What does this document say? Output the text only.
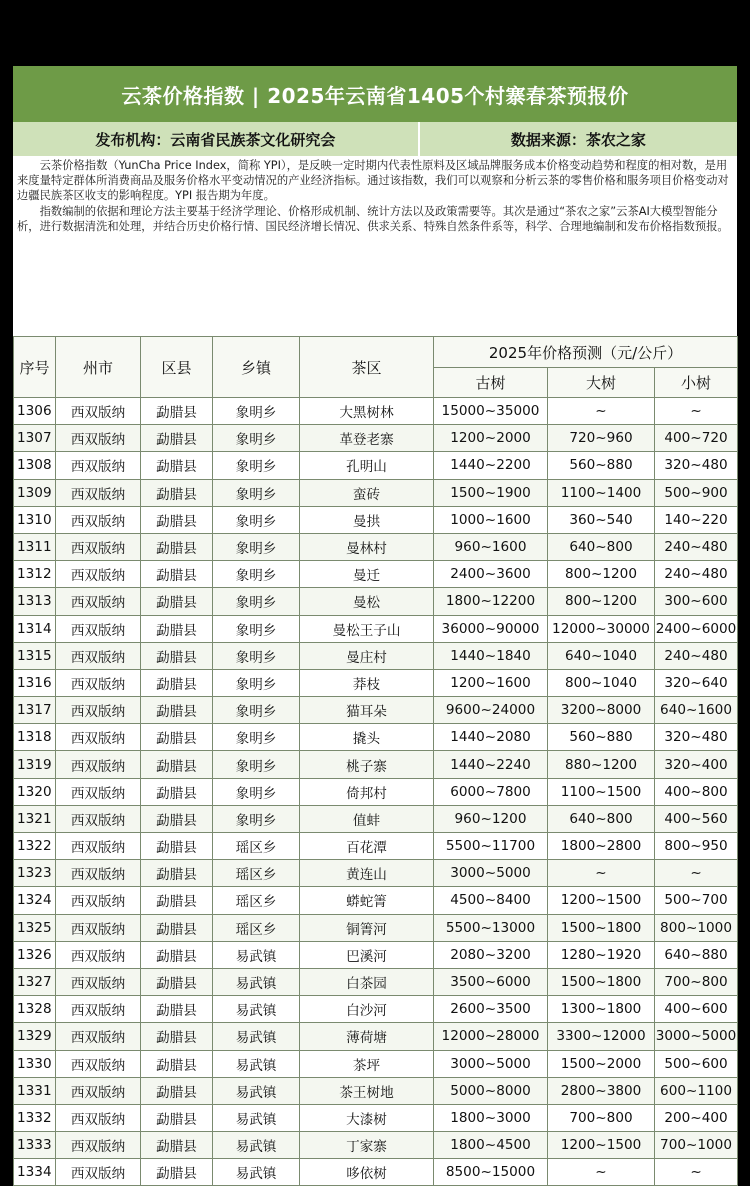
云茶价格指数 | 2025年云南省1405个村寨春茶预报价
发布机构：云南省民族茶文化研究会	数据来源：茶农之家

云茶价格指数（YunCha Price Index，简称 YPI），是反映一定时期内代表性原料及区域品牌服务成本价格变动趋势和程度的相对数，是用来度量特定群体所消费商品及服务价格水平变动情况的产业经济指标。通过该指数，我们可以观察和分析云茶的零售价格和服务项目价格变动对边疆民族茶区收支的影响程度。YPI 报告期为年度。

指数编制的依据和理论方法主要基于经济学理论、价格形成机制、统计方法以及政策需要等。其次是通过“茶农之家”云茶AI大模型智能分析，进行数据清洗和处理，并结合历史价格行情、国民经济增长情况、供求关系、特殊自然条件系等，科学、合理地编制和发布价格指数预报。

序号	州市	区县	乡镇	茶区	2025年价格预测（元/公斤）		
					古树	大树	小树
1306	西双版纳	勐腊县	象明乡	大黑树林	15000~35000	~	~
1307	西双版纳	勐腊县	象明乡	革登老寨	1200~2000	720~960	400~720
1308	西双版纳	勐腊县	象明乡	孔明山	1440~2200	560~880	320~480
1309	西双版纳	勐腊县	象明乡	蛮砖	1500~1900	1100~1400	500~900
1310	西双版纳	勐腊县	象明乡	曼拱	1000~1600	360~540	140~220
1311	西双版纳	勐腊县	象明乡	曼林村	960~1600	640~800	240~480
1312	西双版纳	勐腊县	象明乡	曼迁	2400~3600	800~1200	240~480
1313	西双版纳	勐腊县	象明乡	曼松	1800~12200	800~1200	300~600
1314	西双版纳	勐腊县	象明乡	曼松王子山	36000~90000	12000~30000	2400~6000
1315	西双版纳	勐腊县	象明乡	曼庄村	1440~1840	640~1040	240~480
1316	西双版纳	勐腊县	象明乡	莽枝	1200~1600	800~1040	320~640
1317	西双版纳	勐腊县	象明乡	猫耳朵	9600~24000	3200~8000	640~1600
1318	西双版纳	勐腊县	象明乡	撬头	1440~2080	560~880	320~480
1319	西双版纳	勐腊县	象明乡	桃子寨	1440~2240	880~1200	320~400
1320	西双版纳	勐腊县	象明乡	倚邦村	6000~7800	1100~1500	400~800
1321	西双版纳	勐腊县	象明乡	值蚌	960~1200	640~800	400~560
1322	西双版纳	勐腊县	瑶区乡	百花潭	5500~11700	1800~2800	800~950
1323	西双版纳	勐腊县	瑶区乡	黄连山	3000~5000	~	~
1324	西双版纳	勐腊县	瑶区乡	蟒蛇箐	4500~8400	1200~1500	500~700
1325	西双版纳	勐腊县	瑶区乡	铜箐河	5500~13000	1500~1800	800~1000
1326	西双版纳	勐腊县	易武镇	巴溪河	2080~3200	1280~1920	640~880
1327	西双版纳	勐腊县	易武镇	白茶园	3500~6000	1500~1800	700~800
1328	西双版纳	勐腊县	易武镇	白沙河	2600~3500	1300~1800	400~600
1329	西双版纳	勐腊县	易武镇	薄荷塘	12000~28000	3300~12000	3000~5000
1330	西双版纳	勐腊县	易武镇	茶坪	3000~5000	1500~2000	500~600
1331	西双版纳	勐腊县	易武镇	茶王树地	5000~8000	2800~3800	600~1100
1332	西双版纳	勐腊县	易武镇	大漆树	1800~3000	700~800	200~400
1333	西双版纳	勐腊县	易武镇	丁家寨	1800~4500	1200~1500	700~1000
1334	西双版纳	勐腊县	易武镇	哆依树	8500~15000	~	~
